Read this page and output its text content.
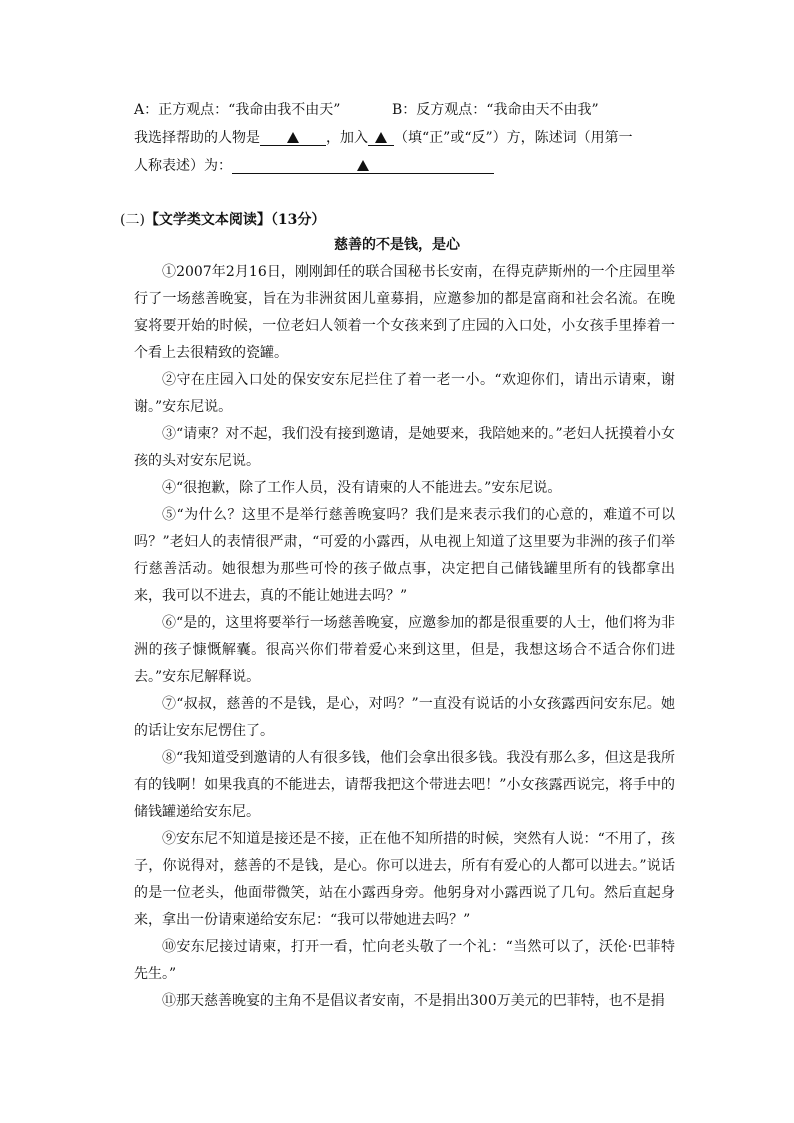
A：正方观点：“我命由我不由天”	B：反方观点：“我命由天不由我”
我选择帮助的人物是	，加入 （填“正”或“反”）方，陈述词（用第一
人称表述）为：
(二)【文学类文本阅读】（13分）
慈善的不是钱，是心
①2007年2月16日，刚刚卸任的联合国秘书长安南，在得克萨斯州的一个庄园里举行了一场慈善晚宴，旨在为非洲贫困儿童募捐，应邀参加的都是富商和社会名流。在晚宴将要开始的时候，一位老妇人领着一个女孩来到了庄园的入口处，小女孩手里捧着一个看上去很精致的瓷罐。
②守在庄园入口处的保安安东尼拦住了着一老一小。“欢迎你们，请出示请柬，谢谢。”安东尼说。
③“请柬？对不起，我们没有接到邀请，是她要来，我陪她来的。”老妇人抚摸着小女孩的头对安东尼说。
④“很抱歉，除了工作人员，没有请柬的人不能进去。”安东尼说。
⑤“为什么？这里不是举行慈善晚宴吗？我们是来表示我们的心意的，难道不可以吗？”老妇人的表情很严肃，“可爱的小露西，从电视上知道了这里要为非洲的孩子们举行慈善活动。她很想为那些可怜的孩子做点事，决定把自己储钱罐里所有的钱都拿出来，我可以不进去，真的不能让她进去吗？”
⑥“是的，这里将要举行一场慈善晚宴，应邀参加的都是很重要的人士，他们将为非洲的孩子慷慨解囊。很高兴你们带着爱心来到这里，但是，我想这场合不适合你们进去。”安东尼解释说。
⑦“叔叔，慈善的不是钱，是心，对吗？”一直没有说话的小女孩露西问安东尼。她的话让安东尼愣住了。
⑧“我知道受到邀请的人有很多钱，他们会拿出很多钱。我没有那么多，但这是我所有的钱啊！如果我真的不能进去，请帮我把这个带进去吧！”小女孩露西说完，将手中的储钱罐递给安东尼。
⑨安东尼不知道是接还是不接，正在他不知所措的时候，突然有人说：“不用了，孩子，你说得对，慈善的不是钱，是心。你可以进去，所有有爱心的人都可以进去。”说话的是一位老头，他面带微笑，站在小露西身旁。他躬身对小露西说了几句。然后直起身来，拿出一份请柬递给安东尼：“我可以带她进去吗？”
⑩安东尼接过请柬，打开一看，忙向老头敬了一个礼：“当然可以了，沃伦·巴菲特先生。”
⑪那天慈善晚宴的主角不是倡议者安南，不是捐出300万美元的巴菲特，也不是捐
